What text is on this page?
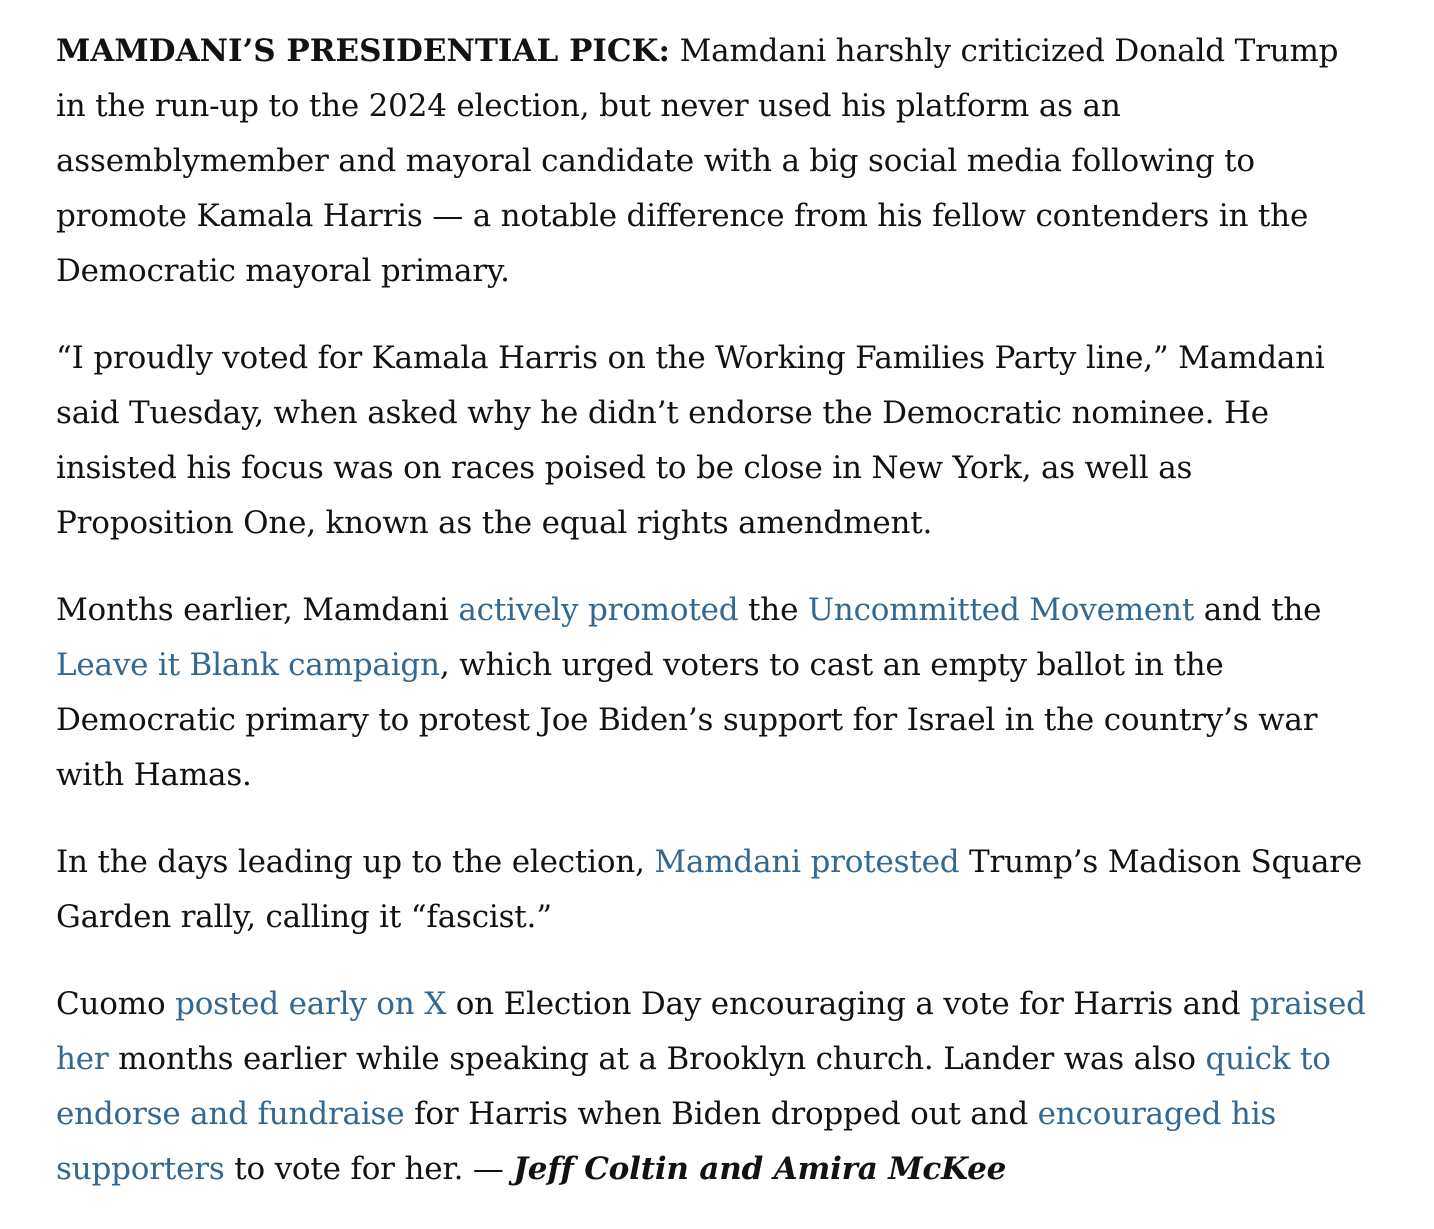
MAMDANI’S PRESIDENTIAL PICK: Mamdani harshly criticized Donald Trump in the run-up to the 2024 election, but never used his platform as an assemblymember and mayoral candidate with a big social media following to promote Kamala Harris — a notable difference from his fellow contenders in the Democratic mayoral primary.

“I proudly voted for Kamala Harris on the Working Families Party line,” Mamdani said Tuesday, when asked why he didn’t endorse the Democratic nominee. He insisted his focus was on races poised to be close in New York, as well as Proposition One, known as the equal rights amendment.

Months earlier, Mamdani actively promoted the Uncommitted Movement and the Leave it Blank campaign, which urged voters to cast an empty ballot in the Democratic primary to protest Joe Biden’s support for Israel in the country’s war with Hamas.

In the days leading up to the election, Mamdani protested Trump’s Madison Square Garden rally, calling it “fascist.”

Cuomo posted early on X on Election Day encouraging a vote for Harris and praised her months earlier while speaking at a Brooklyn church. Lander was also quick to endorse and fundraise for Harris when Biden dropped out and encouraged his supporters to vote for her. — Jeff Coltin and Amira McKee
